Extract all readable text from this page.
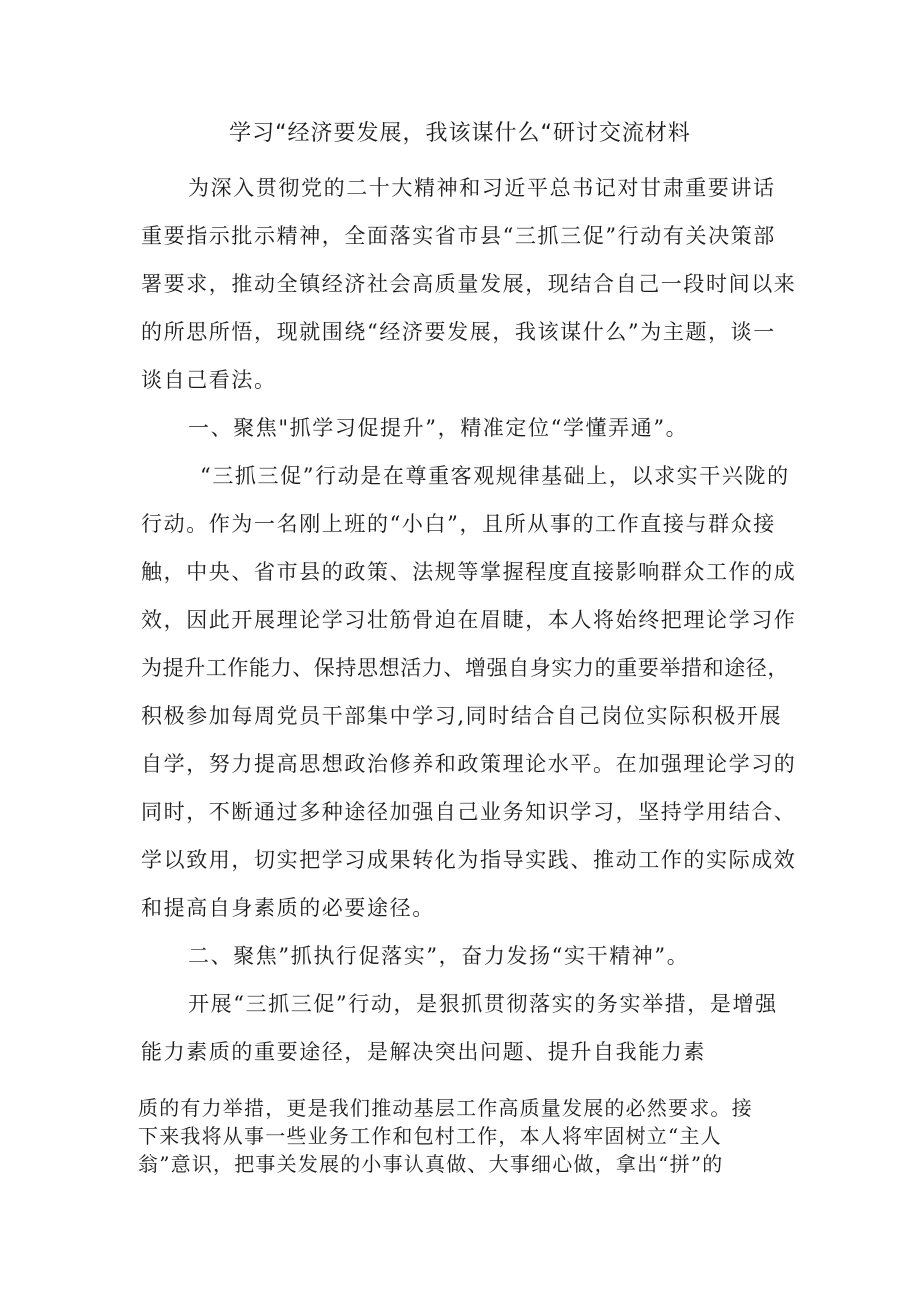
学习“经济要发展，我该谋什么“研讨交流材料
为深入贯彻党的二十大精神和习近平总书记对甘肃重要讲话
重要指示批示精神，全面落实省市县“三抓三促”行动有关决策部
署要求，推动全镇经济社会高质量发展，现结合自己一段时间以来
的所思所悟，现就围绕“经济要发展，我该谋什么”为主题，谈一
谈自己看法。
一、聚焦"抓学习促提升”，精准定位“学懂弄通”。
“三抓三促”行动是在尊重客观规律基础上，以求实干兴陇的
行动。作为一名刚上班的“小白”，且所从事的工作直接与群众接
触，中央、省市县的政策、法规等掌握程度直接影响群众工作的成
效，因此开展理论学习壮筋骨迫在眉睫，本人将始终把理论学习作
为提升工作能力、保持思想活力、增强自身实力的重要举措和途径，
积极参加每周党员干部集中学习,同时结合自己岗位实际积极开展
自学，努力提高思想政治修养和政策理论水平。在加强理论学习的
同时，不断通过多种途径加强自己业务知识学习，坚持学用结合、
学以致用，切实把学习成果转化为指导实践、推动工作的实际成效
和提高自身素质的必要途径。
二、聚焦”抓执行促落实”，奋力发扬“实干精神”。
开展“三抓三促”行动，是狠抓贯彻落实的务实举措，是增强
能力素质的重要途径，是解决突出问题、提升自我能力素
质的有力举措，更是我们推动基层工作高质量发展的必然要求。接
下来我将从事一些业务工作和包村工作，本人将牢固树立“主人
翁”意识，把事关发展的小事认真做、大事细心做，拿出“拼”的
